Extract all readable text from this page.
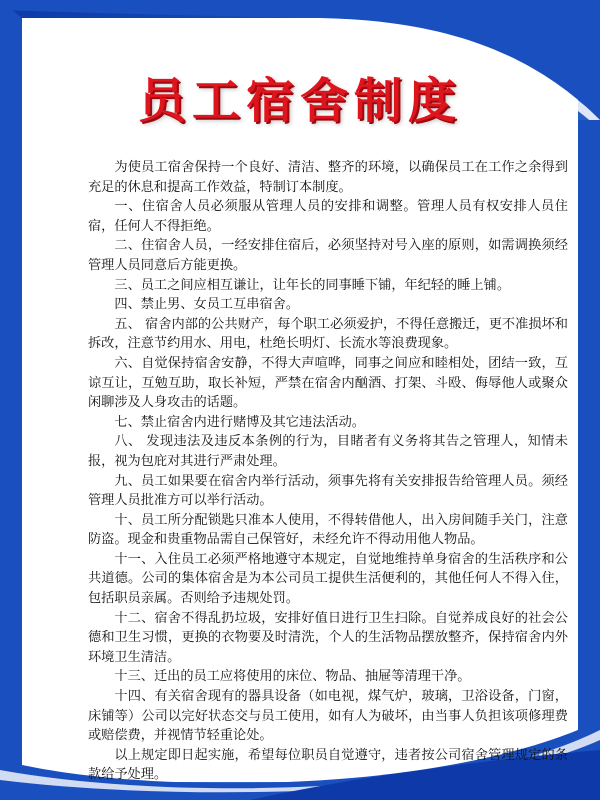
员工宿舍制度

为使员工宿舍保持一个良好、清洁、整齐的环境，以确保员工在工作之余得到充足的休息和提高工作效益，特制订本制度。

一、住宿舍人员必须服从管理人员的安排和调整。管理人员有权安排人员住宿，任何人不得拒绝。

二、住宿舍人员，一经安排住宿后，必须坚持对号入座的原则，如需调换须经管理人员同意后方能更换。

三、员工之间应相互谦让，让年长的同事睡下铺，年纪轻的睡上铺。

四、禁止男、女员工互串宿舍。

五、 宿舍内部的公共财产，每个职工必须爱护，不得任意搬迁，更不准损坏和拆改，注意节约用水、用电，杜绝长明灯、长流水等浪费现象。

六、自觉保持宿舍安静，不得大声喧哗，同事之间应和睦相处，团结一致，互谅互让，互勉互助，取长补短，严禁在宿舍内酗酒、打架、斗殴、侮辱他人或聚众闲聊涉及人身攻击的话题。

七、禁止宿舍内进行赌博及其它违法活动。

八、 发现违法及违反本条例的行为，目睹者有义务将其告之管理人，知情未报，视为包庇对其进行严肃处理。

九、员工如果要在宿舍内举行活动，须事先将有关安排报告给管理人员。须经管理人员批准方可以举行活动。

十、员工所分配锁匙只准本人使用，不得转借他人，出入房间随手关门，注意防盗。现金和贵重物品需自己保管好，未经允许不得动用他人物品。

十一、入住员工必须严格地遵守本规定，自觉地维持单身宿舍的生活秩序和公共道德。公司的集体宿舍是为本公司员工提供生活便利的，其他任何人不得入住，包括职员亲属。否则给予违规处罚。

十二、宿舍不得乱扔垃圾，安排好值日进行卫生扫除。自觉养成良好的社会公德和卫生习惯，更换的衣物要及时清洗，个人的生活物品摆放整齐，保持宿舍内外环境卫生清洁。

十三、迁出的员工应将使用的床位、物品、抽屉等清理干净。

十四、有关宿舍现有的器具设备（如电视，煤气炉，玻璃，卫浴设备，门窗，床铺等）公司以完好状态交与员工使用，如有人为破坏，由当事人负担该项修理费或赔偿费，并视情节轻重论处。

以上规定即日起实施，希望每位职员自觉遵守，违者按公司宿舍管理规定的条款给予处理。
